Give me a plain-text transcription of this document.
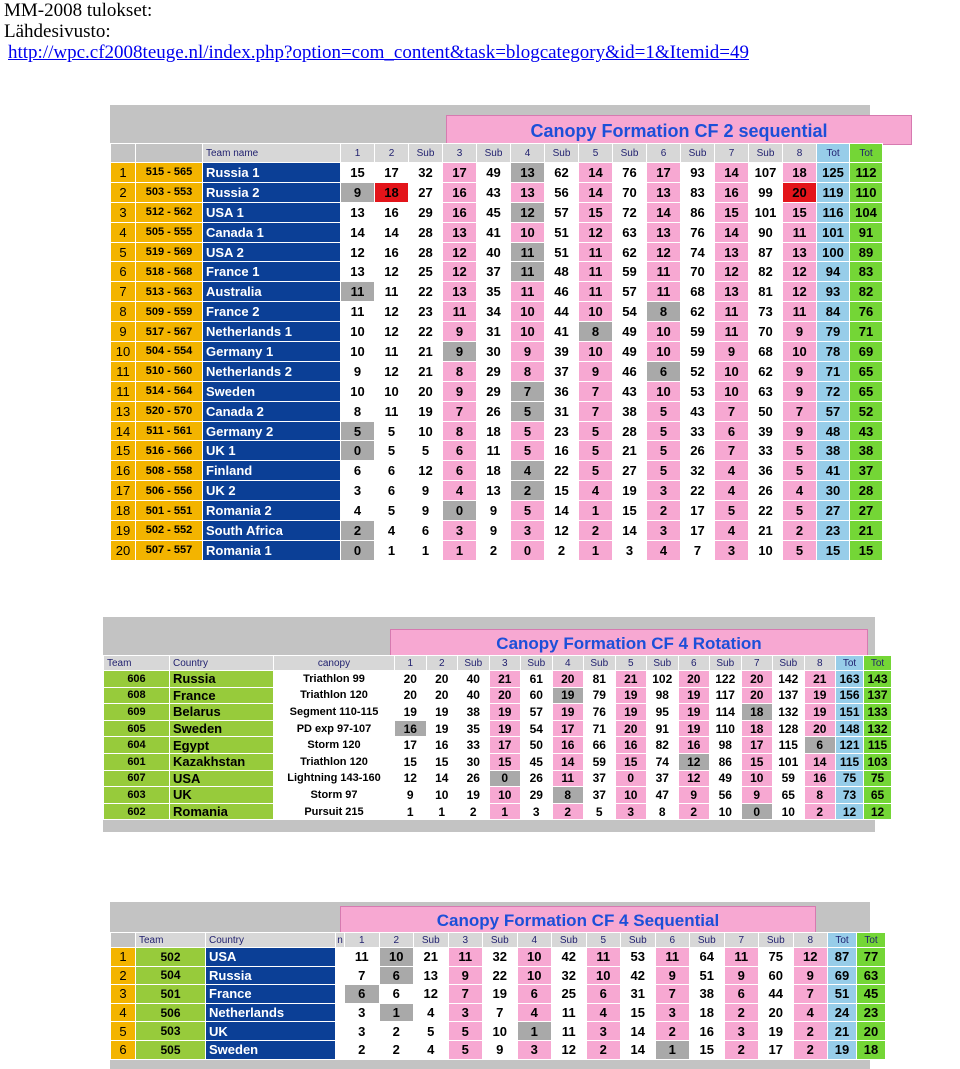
MM-2008 tulokset:
Lähdesivusto:
http://wpc.cf2008teuge.nl/index.php?option=com_content&task=blogcategory&id=1&Itemid=49
Canopy Formation CF 2 sequential
		Team name	1	2	Sub	3	Sub	4	Sub	5	Sub	6	Sub	7	Sub	8	Tot	Tot
1	515 - 565	Russia 1	15	17	32	17	49	13	62	14	76	17	93	14	107	18	125	112
2	503 - 553	Russia 2	9	18	27	16	43	13	56	14	70	13	83	16	99	20	119	110
3	512 - 562	USA 1	13	16	29	16	45	12	57	15	72	14	86	15	101	15	116	104
4	505 - 555	Canada 1	14	14	28	13	41	10	51	12	63	13	76	14	90	11	101	91
5	519 - 569	USA 2	12	16	28	12	40	11	51	11	62	12	74	13	87	13	100	89
6	518 - 568	France 1	13	12	25	12	37	11	48	11	59	11	70	12	82	12	94	83
7	513 - 563	Australia	11	11	22	13	35	11	46	11	57	11	68	13	81	12	93	82
8	509 - 559	France 2	11	12	23	11	34	10	44	10	54	8	62	11	73	11	84	76
9	517 - 567	Netherlands 1	10	12	22	9	31	10	41	8	49	10	59	11	70	9	79	71
10	504 - 554	Germany 1	10	11	21	9	30	9	39	10	49	10	59	9	68	10	78	69
11	510 - 560	Netherlands 2	9	12	21	8	29	8	37	9	46	6	52	10	62	9	71	65
11	514 - 564	Sweden	10	10	20	9	29	7	36	7	43	10	53	10	63	9	72	65
13	520 - 570	Canada 2	8	11	19	7	26	5	31	7	38	5	43	7	50	7	57	52
14	511 - 561	Germany 2	5	5	10	8	18	5	23	5	28	5	33	6	39	9	48	43
15	516 - 566	UK 1	0	5	5	6	11	5	16	5	21	5	26	7	33	5	38	38
16	508 - 558	Finland	6	6	12	6	18	4	22	5	27	5	32	4	36	5	41	37
17	506 - 556	UK 2	3	6	9	4	13	2	15	4	19	3	22	4	26	4	30	28
18	501 - 551	Romania 2	4	5	9	0	9	5	14	1	15	2	17	5	22	5	27	27
19	502 - 552	South Africa	2	4	6	3	9	3	12	2	14	3	17	4	21	2	23	21
20	507 - 557	Romania 1	0	1	1	1	2	0	2	1	3	4	7	3	10	5	15	15
Canopy Formation CF 4 Rotation
Team	Country	canopy	1	2	Sub	3	Sub	4	Sub	5	Sub	6	Sub	7	Sub	8	Tot	Tot
606	Russia	Triathlon 99	20	20	40	21	61	20	81	21	102	20	122	20	142	21	163	143
608	France	Triathlon 120	20	20	40	20	60	19	79	19	98	19	117	20	137	19	156	137
609	Belarus	Segment 110-115	19	19	38	19	57	19	76	19	95	19	114	18	132	19	151	133
605	Sweden	PD exp 97-107	16	19	35	19	54	17	71	20	91	19	110	18	128	20	148	132
604	Egypt	Storm 120	17	16	33	17	50	16	66	16	82	16	98	17	115	6	121	115
601	Kazakhstan	Triathlon 120	15	15	30	15	45	14	59	15	74	12	86	15	101	14	115	103
607	USA	Lightning 143-160	12	14	26	0	26	11	37	0	37	12	49	10	59	16	75	75
603	UK	Storm 97	9	10	19	10	29	8	37	10	47	9	56	9	65	8	73	65
602	Romania	Pursuit 215	1	1	2	1	3	2	5	3	8	2	10	0	10	2	12	12
Canopy Formation CF 4 Sequential
	Team	Country	n	1	2	Sub	3	Sub	4	Sub	5	Sub	6	Sub	7	Sub	8	Tot	Tot
1	502	USA		11	10	21	11	32	10	42	11	53	11	64	11	75	12	87	77
2	504	Russia		7	6	13	9	22	10	32	10	42	9	51	9	60	9	69	63
3	501	France		6	6	12	7	19	6	25	6	31	7	38	6	44	7	51	45
4	506	Netherlands		3	1	4	3	7	4	11	4	15	3	18	2	20	4	24	23
5	503	UK		3	2	5	5	10	1	11	3	14	2	16	3	19	2	21	20
6	505	Sweden		2	2	4	5	9	3	12	2	14	1	15	2	17	2	19	18
